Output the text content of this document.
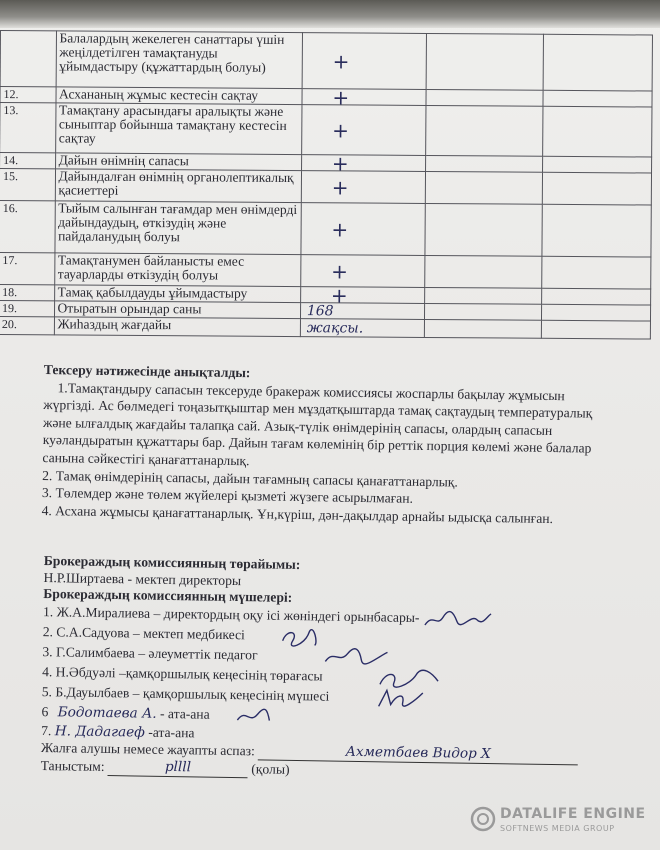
	Балалардың жекелеген санаттары үшін жеңілдетілген тамақтануды ұйымдастыру (құжаттардың болуы)	+		
12.	Асхананың жұмыс кестесін сақтау	+		
13.	Тамақтану арасындағы аралықты және сыныптар бойынша тамақтану кестесін сақтау	+		
14.	Дайын өнімнің сапасы	+		
15.	Дайындалған өнімнің органолептикалық қасиеттері	+		
16.	Тыйым салынған тағамдар мен өнімдерді дайындаудың, өткізудің және пайдаланудың болуы	+		
17.	Тамақтанумен байланысты емес тауарларды өткізудің болуы	+		
18.	Тамақ қабылдауды ұйымдастыру	+		
19.	Отыратын орындар саны	168		
20.	Жиһаздың жағдайы	жақсы.		
Тексеру нәтижесінде анықталды:

1.Тамақтандыру сапасын тексеруде бракераж комиссиясы жоспарлы бақылау жұмысын жүргізді. Ас бөлмедегі тоңазытқыштар мен мұздатқыштарда тамақ сақтаудың температуралық және ылғалдық жағдайы талапқа сай. Азық-түлік өнімдерінің сапасы, олардың сапасын куәландыратын құжаттары бар. Дайын тағам көлемінің бір реттік порция көлемі және балалар санына сәйкестігі қанағаттанарлық.

2. Тамақ өнімдерінің сапасы, дайын тағамның сапасы қанағаттанарлық.

3. Төлемдер және төлем жүйелері қызметі жүзеге асырылмаған.

4. Асхана жұмысы қанағаттанарлық. Ұн,күріш, дән-дақылдар арнайы ыдысқа салынған.

Брокераждың комиссиянның төрайымы:
Н.Р.Ширтаева - мектеп директоры
Брокераждың комиссиянның мүшелері:
1. Ж.А.Миралиева – директордың оқу ісі жөніндегі орынбасары-
2. С.А.Садуова – мектеп медбикесі
3. Г.Салимбаева – әлеуметтік педагог
4. Н.Әбдуәлі –қамқоршылық кеңесінің төрағасы
5. Б.Дауылбаев – қамқоршылық кеңесінің мүшесі
6 Бодотаева А. - ата-ана
7. Н. Дадагаеф -ата-ана
Жалға алушы немесе жауапты аспаз:	Ахметбаев Видор Х
Таныстым:	pllll	(қолы)
DATALIFE ENGINE
SOFTNEWS MEDIA GROUP
